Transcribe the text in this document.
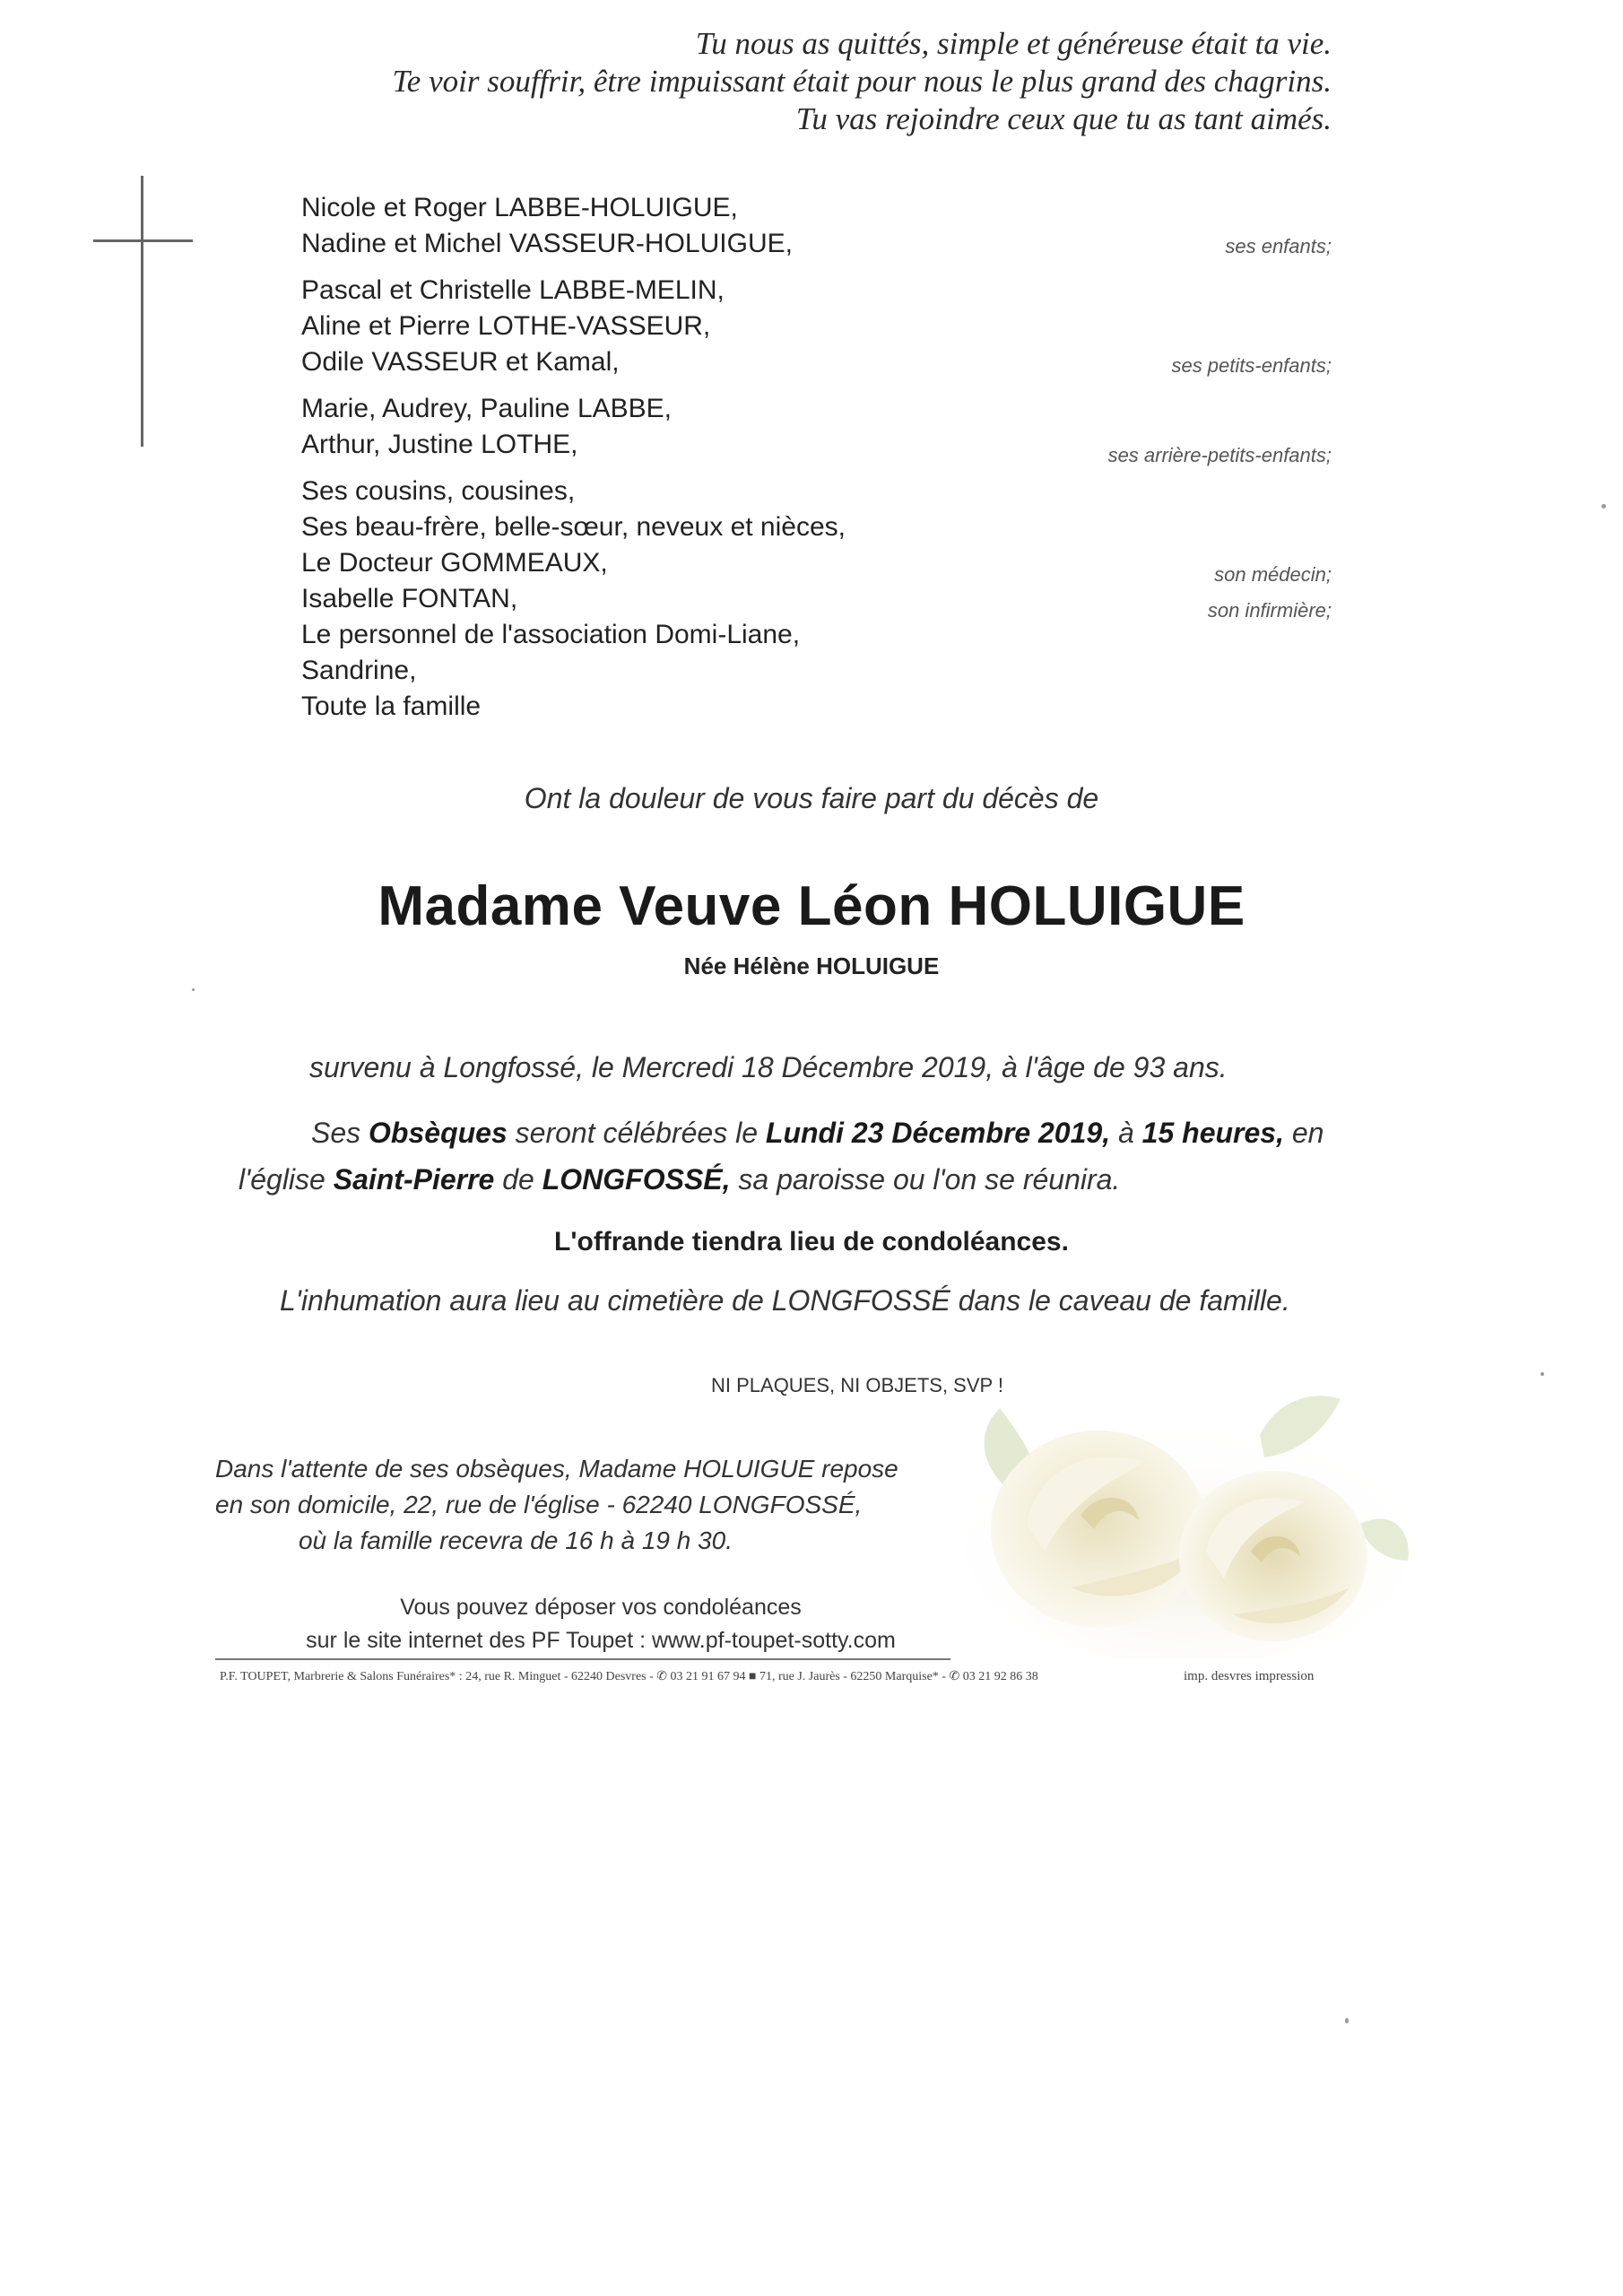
Tu nous as quittés, simple et généreuse était ta vie.
Te voir souffrir, être impuissant était pour nous le plus grand des chagrins.
Tu vas rejoindre ceux que tu as tant aimés.
Nicole et Roger LABBE-HOLUIGUE,
Nadine et Michel VASSEUR-HOLUIGUE,
Pascal et Christelle LABBE-MELIN,
Aline et Pierre LOTHE-VASSEUR,
Odile VASSEUR et Kamal,
Marie, Audrey, Pauline LABBE,
Arthur, Justine LOTHE,
Ses cousins, cousines,
Ses beau-frère, belle-sœur, neveux et nièces,
Le Docteur GOMMEAUX,
Isabelle FONTAN,
Le personnel de l'association Domi-Liane,
Sandrine,
Toute la famille
ses enfants;
ses petits-enfants;
ses arrière-petits-enfants;
son médecin;
son infirmière;
Ont la douleur de vous faire part du décès de
Madame Veuve Léon HOLUIGUE
Née Hélène HOLUIGUE
survenu à Longfossé, le Mercredi 18 Décembre 2019, à l'âge de 93 ans.
Ses Obsèques seront célébrées le Lundi 23 Décembre 2019, à 15 heures, en
l'église Saint-Pierre de LONGFOSSÉ, sa paroisse ou l'on se réunira.
L'offrande tiendra lieu de condoléances.
L'inhumation aura lieu au cimetière de LONGFOSSÉ dans le caveau de famille.
NI PLAQUES, NI OBJETS, SVP !
Dans l'attente de ses obsèques, Madame HOLUIGUE repose
en son domicile, 22, rue de l'église - 62240 LONGFOSSÉ,
où la famille recevra de 16 h à 19 h 30.
Vous pouvez déposer vos condoléances
sur le site internet des PF Toupet : www.pf-toupet-sotty.com
P.F. TOUPET, Marbrerie & Salons Funéraires* : 24, rue R. Minguet - 62240 Desvres - ✆ 03 21 91 67 94 ■ 71, rue J. Jaurès - 62250 Marquise* - ✆ 03 21 92 86 38	imp. desvres impression
